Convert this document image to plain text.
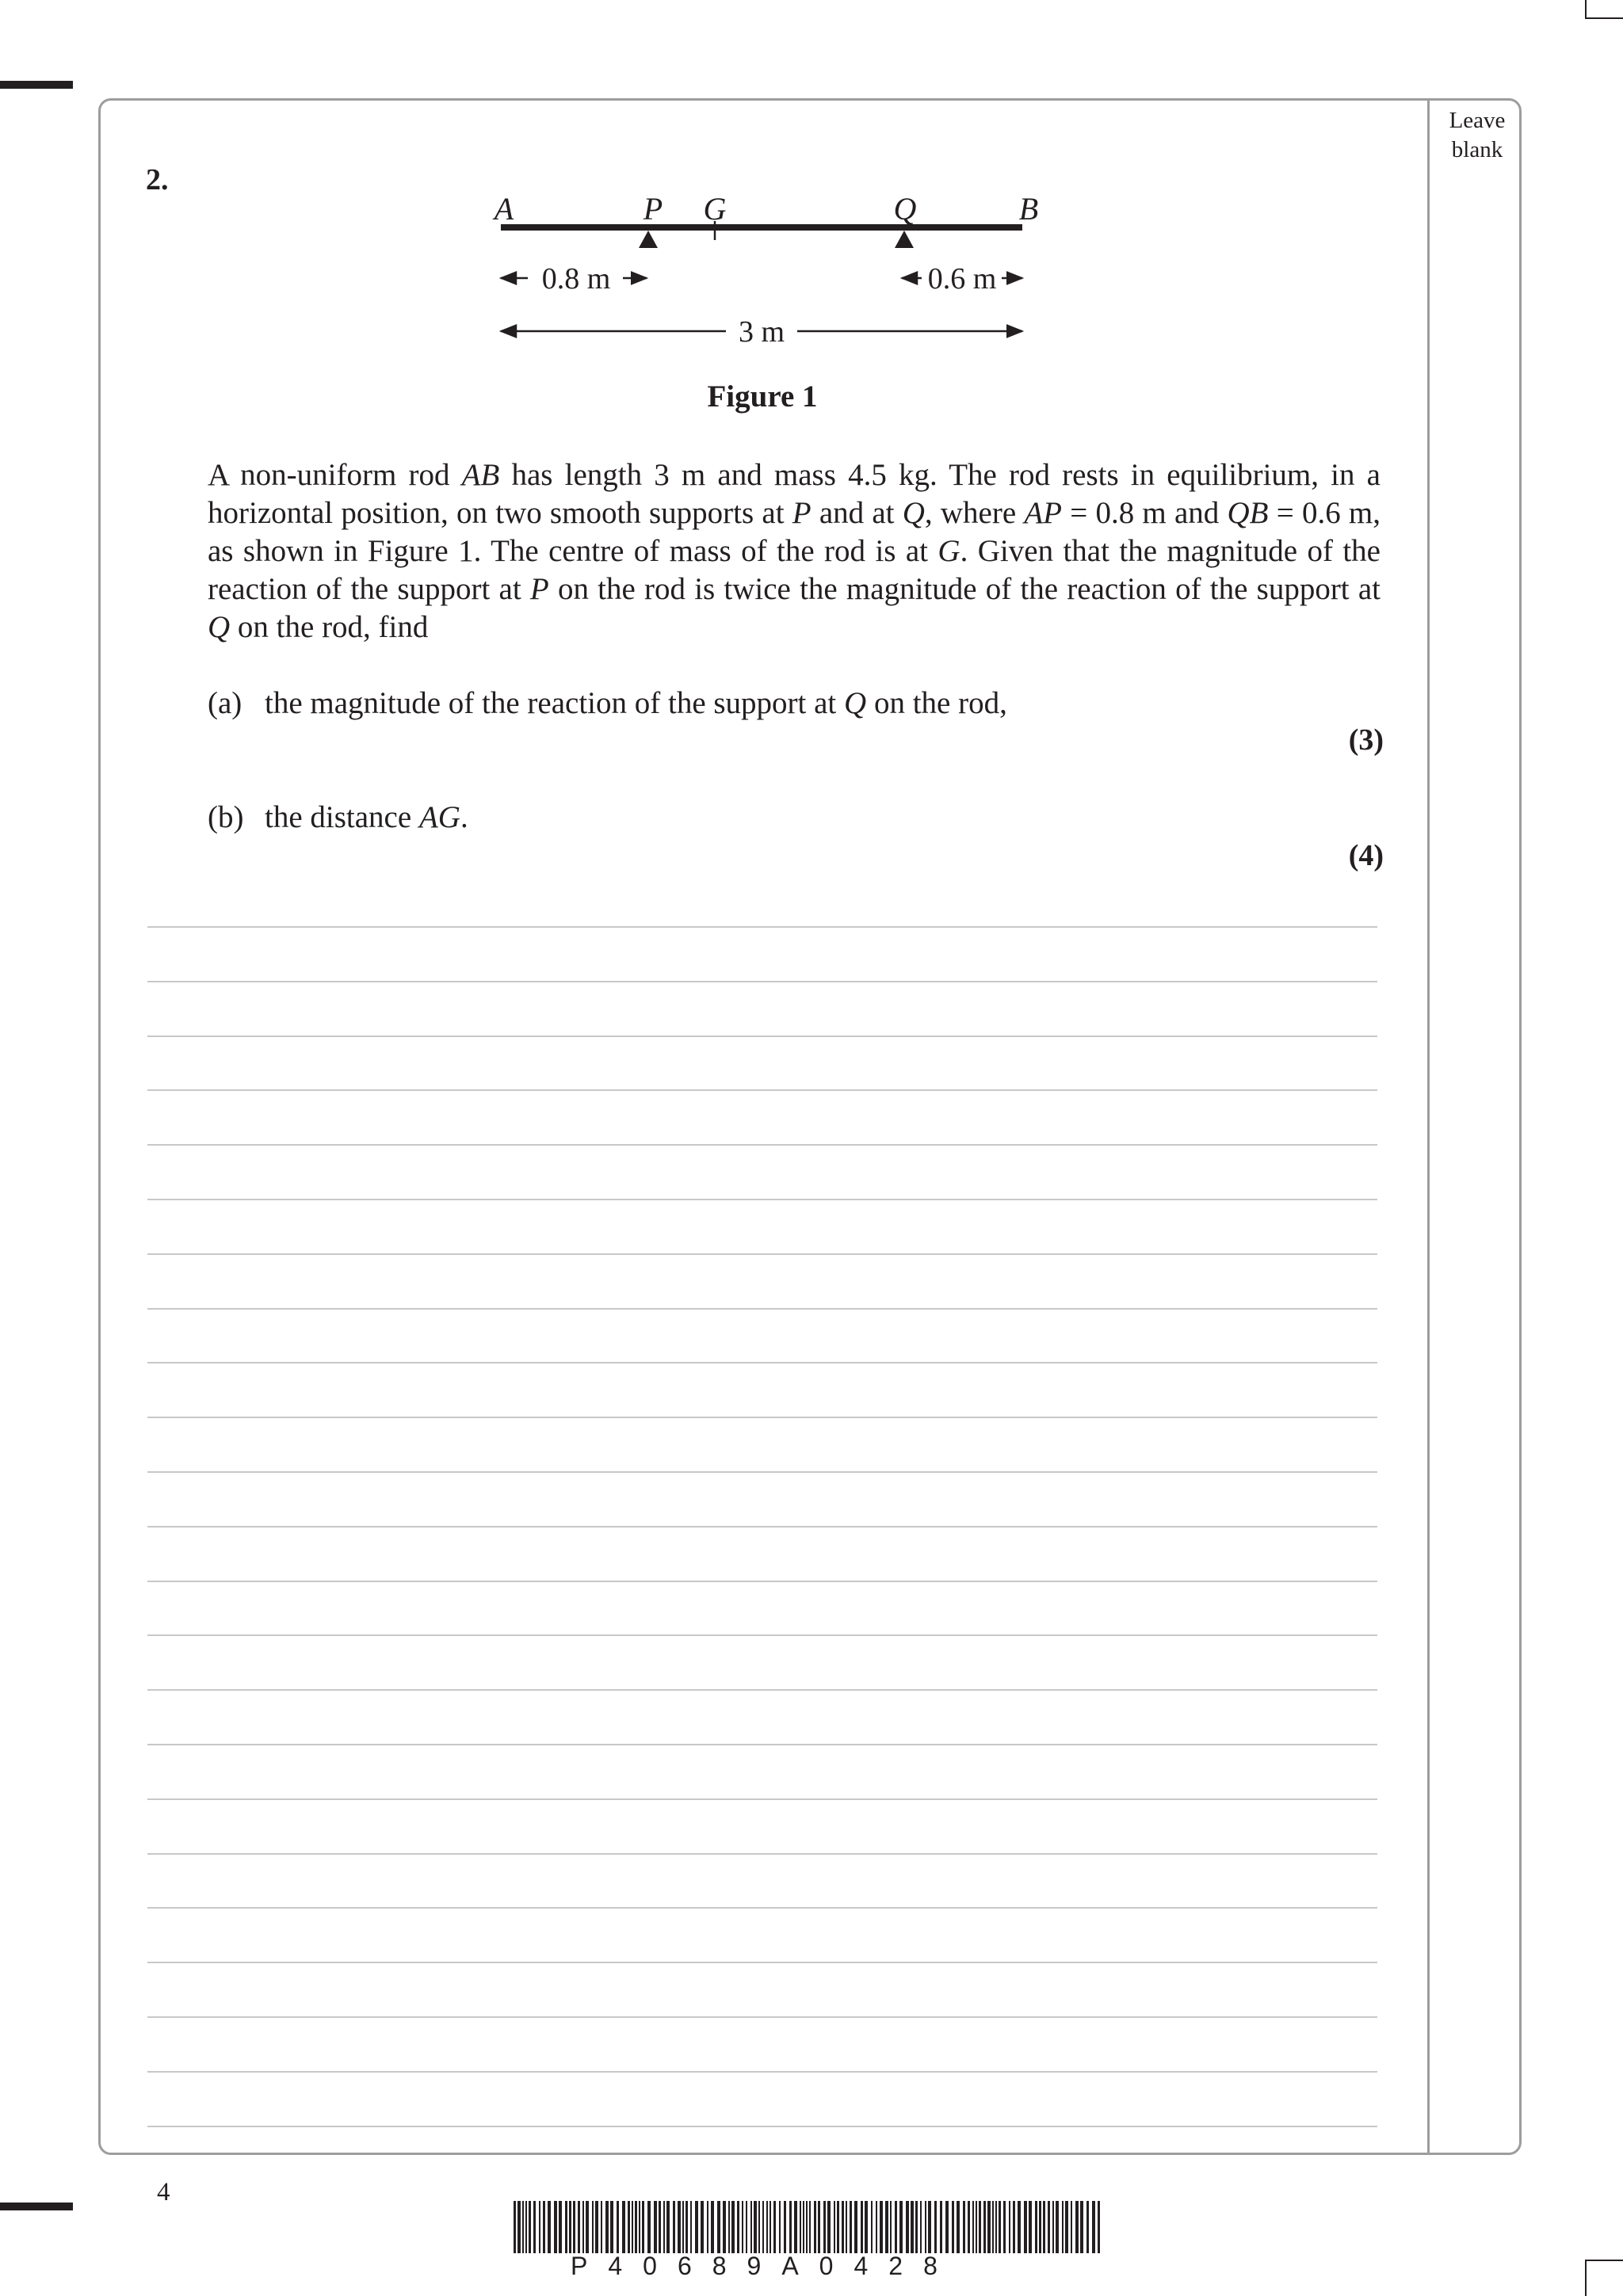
Leave
blank
2.
A	P G	Q	B
0.8 m	0.6 m
3 m
Figure 1

A non-uniform rod AB has length 3 m and mass 4.5 kg. The rod rests in equilibrium, in a horizontal position, on two smooth supports at P and at Q, where AP = 0.8 m and QB = 0.6 m, as shown in Figure 1. The centre of mass of the rod is at G. Given that the magnitude of the reaction of the support at P on the rod is twice the magnitude of the reaction of the support at Q on the rod, find

(a) the magnitude of the reaction of the support at Q on the rod,
(3)
(b) the distance AG.
(4)
4
P40689A0428
